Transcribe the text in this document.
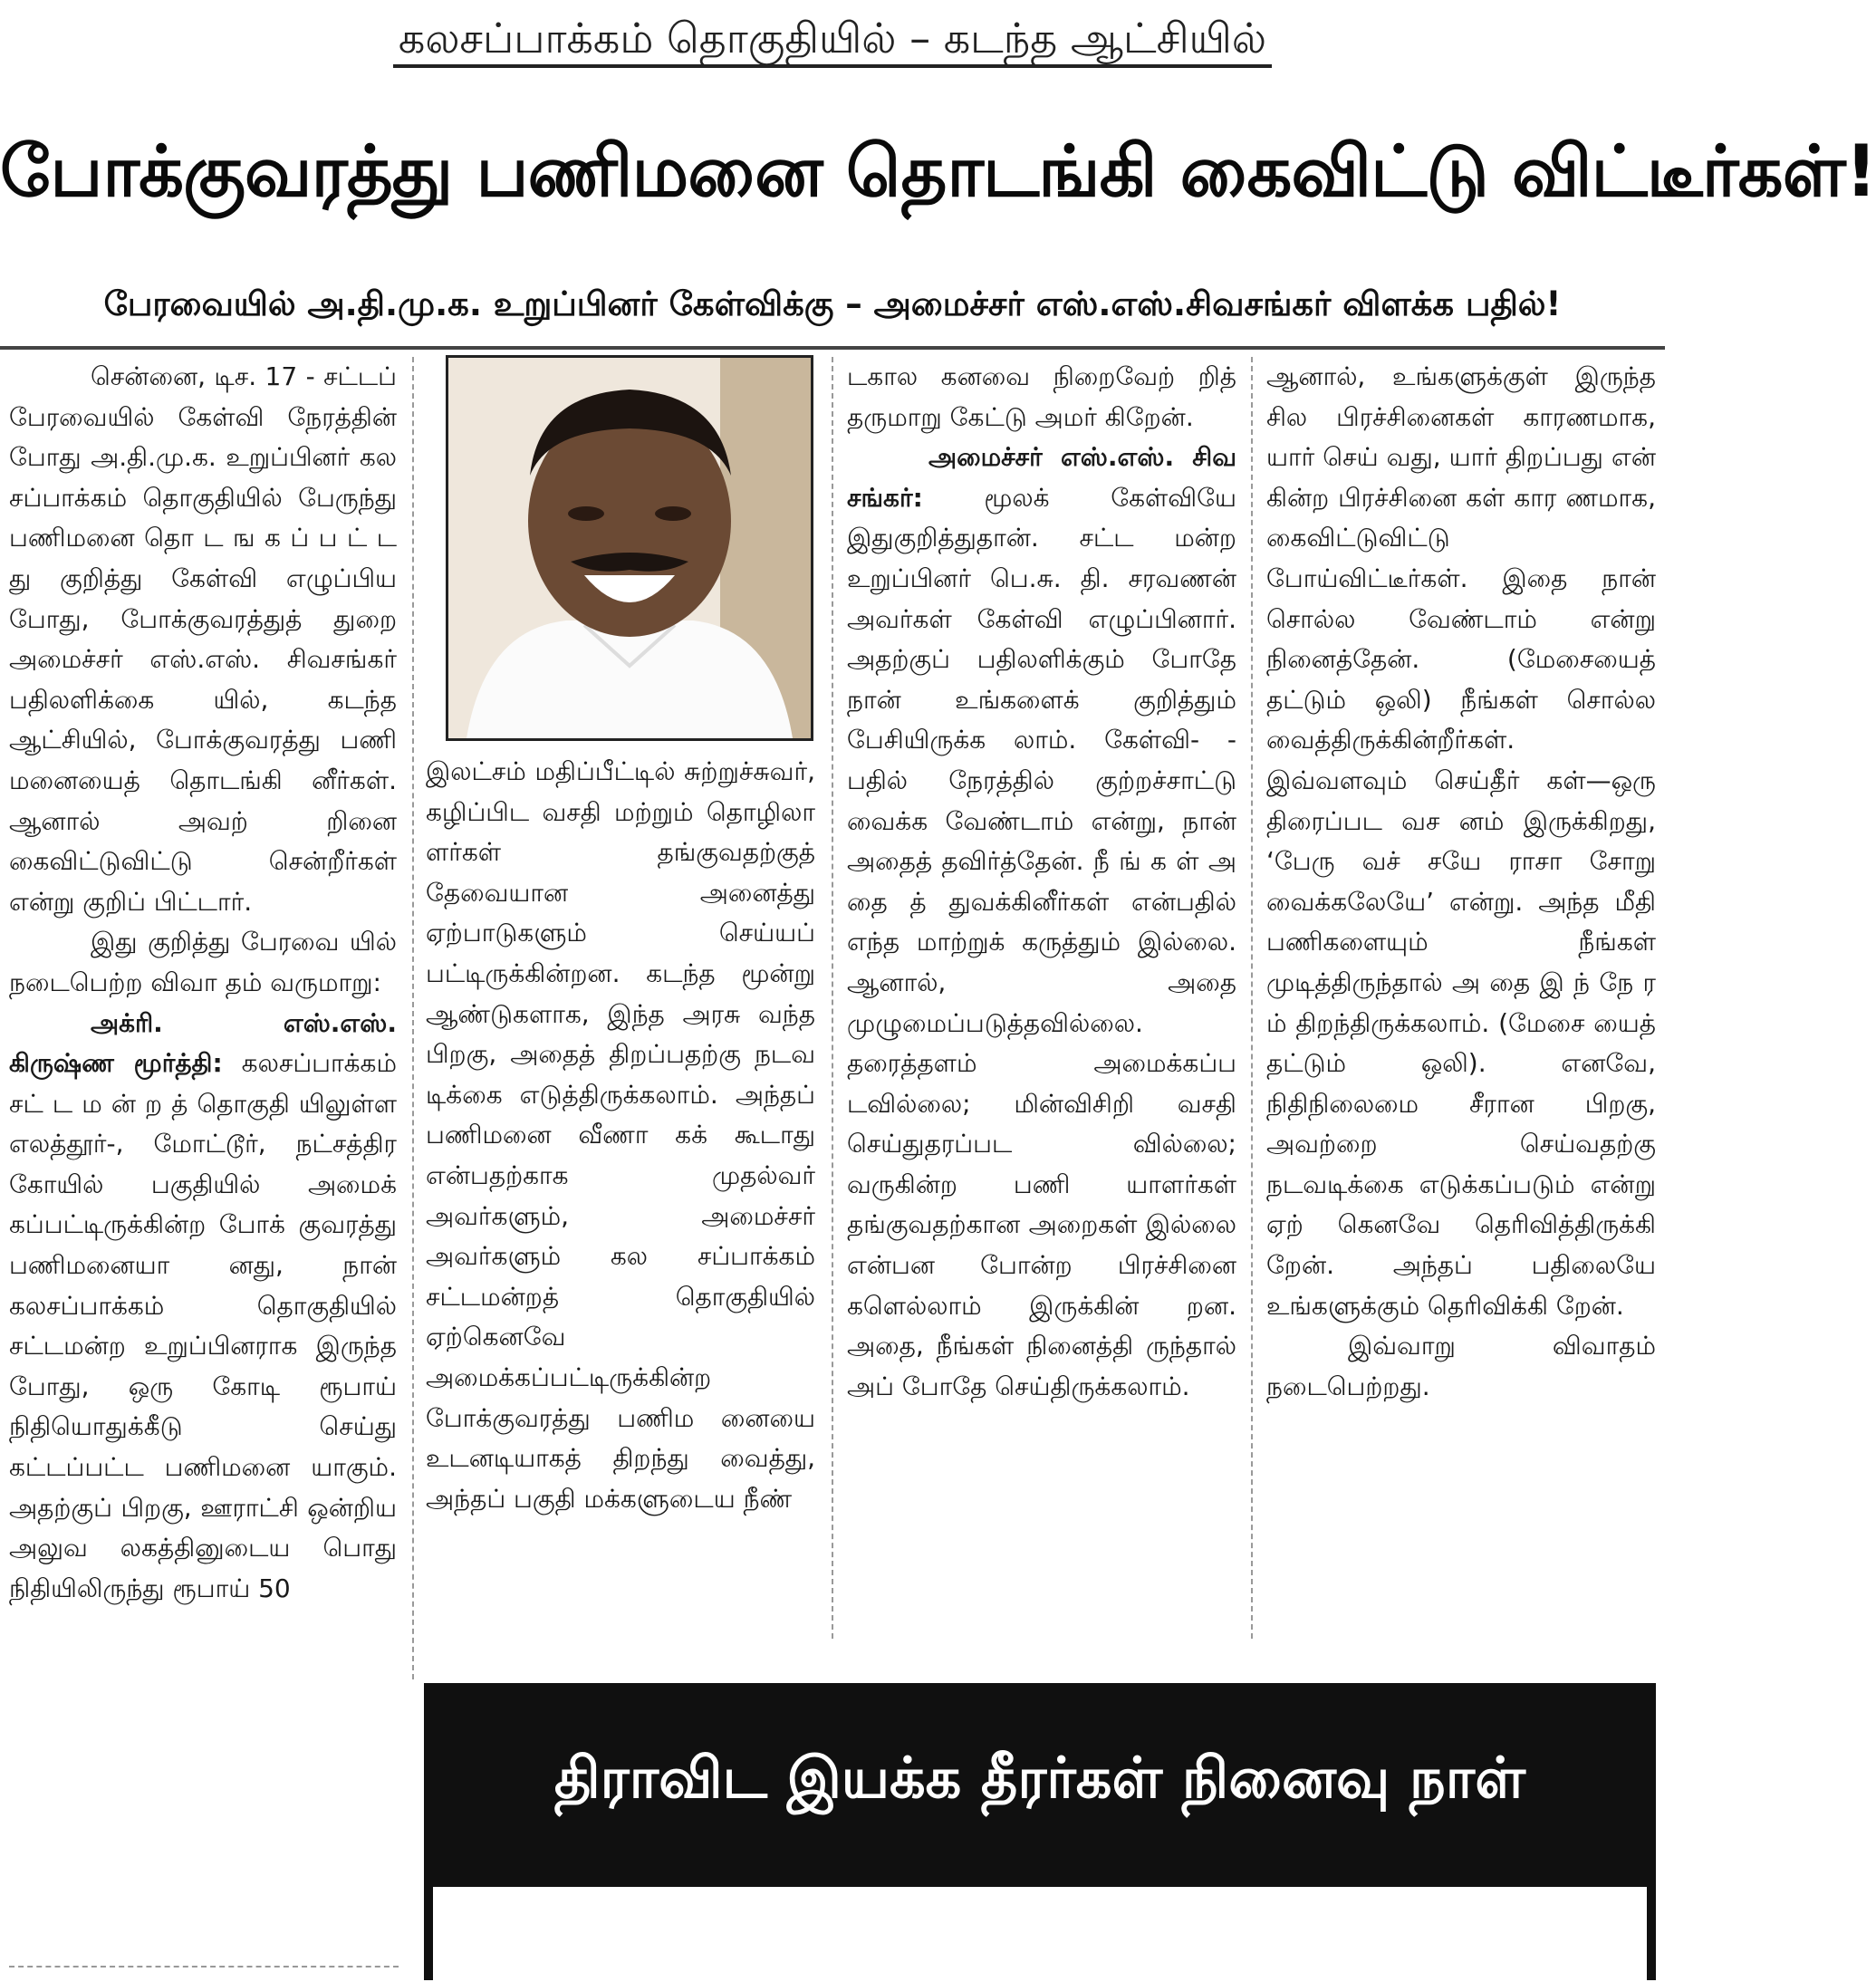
கலசப்பாக்கம் தொகுதியில் – கடந்த ஆட்சியில்
போக்குவரத்து பணிமனை தொடங்கி கைவிட்டு விட்டீர்கள்!
பேரவையில் அ.தி.மு.க. உறுப்பினர் கேள்விக்கு – அமைச்சர் எஸ்.எஸ்.சிவசங்கர் விளக்க பதில்!

சென்னை, டிச. 17 - சட்டப் பேரவையில் கேள்வி நேரத்தின் போது அ.தி.மு.க. உறுப்பினர் கல சப்பாக்கம் தொகுதியில் பேருந்து பணிமனை தொ ட ங க ப் ப ட் ட து குறித்து கேள்வி எழுப்பிய போது, போக்குவரத்துத் துறை அமைச்சர் எஸ்.எஸ். சிவசங்கர் பதிலளிக்கை யில், கடந்த ஆட்சியில், போக்குவரத்து பணி மனையைத் தொடங்கி னீர்கள். ஆனால் அவற் றினை கைவிட்டுவிட்டு சென்றீர்கள் என்று குறிப் பிட்டார்.

இது குறித்து பேரவை யில் நடைபெற்ற விவா தம் வருமாறு:

அக்ரி. எஸ்.எஸ். கிருஷ்ண மூர்த்தி: கலசப்பாக்கம் சட் ட ம ன் ற த் தொகுதி யிலுள்ள எலத்தூர்-, மோட்டூர், நட்சத்திர கோயில் பகுதியில் அமைக் கப்பட்டிருக்கின்ற போக் குவரத்து பணிமனையா னது, நான் கலசப்பாக்கம் தொகுதியில் சட்டமன்ற உறுப்பினராக இருந்த போது, ஒரு கோடி ரூபாய் நிதியொதுக்கீடு செய்து கட்டப்பட்ட பணிமனை யாகும். அதற்குப் பிறகு, ஊராட்சி ஒன்றிய அலுவ லகத்தினுடைய பொது நிதியிலிருந்து ரூபாய் 50

இலட்சம் மதிப்பீட்டில் சுற்றுச்சுவர், கழிப்பிட வசதி மற்றும் தொழிலா ளர்கள் தங்குவதற்குத் தேவையான அனைத்து ஏற்பாடுகளும் செய்யப் பட்டிருக்கின்றன. கடந்த மூன்று ஆண்டுகளாக, இந்த அரசு வந்த பிறகு, அதைத் திறப்பதற்கு நடவ டிக்கை எடுத்திருக்கலாம். அந்தப் பணிமனை வீணா கக் கூடாது என்பதற்காக முதல்வர் அவர்களும், அமைச்சர் அவர்களும் கல சப்பாக்கம் சட்டமன்றத் தொகுதியில் ஏற்கெனவே அமைக்கப்பட்டிருக்கின்ற போக்குவரத்து பணிம னையை உடனடியாகத் திறந்து வைத்து, அந்தப் பகுதி மக்களுடைய நீண்

டகால கனவை நிறைவேற் றித் தருமாறு கேட்டு அமர் கிறேன்.

அமைச்சர் எஸ்.எஸ். சிவ சங்கர்: மூலக் கேள்வியே இதுகுறித்துதான். சட்ட மன்ற உறுப்பினர் பெ.சு. தி. சரவணன் அவர்கள் கேள்வி எழுப்பினார். அதற்குப் பதிலளிக்கும் போதே நான் உங்களைக் குறித்தும் பேசியிருக்க லாம். கேள்வி- - பதில் நேரத்தில் குற்றச்சாட்டு வைக்க வேண்டாம் என்று, நான் அதைத் தவிர்த்தேன். நீ ங் க ள் அ தை த் துவக்கினீர்கள் என்பதில் எந்த மாற்றுக் கருத்தும் இல்லை. ஆனால், அதை முழுமைப்படுத்தவில்லை. தரைத்தளம் அமைக்கப்ப டவில்லை; மின்விசிறி வசதி செய்துதரப்பட வில்லை; வருகின்ற பணி யாளர்கள் தங்குவதற்கான அறைகள் இல்லை என்பன போன்ற பிரச்சினை களெல்லாம் இருக்கின் றன. அதை, நீங்கள் நினைத்தி ருந்தால் அப் போதே செய்திருக்கலாம்.

ஆனால், உங்களுக்குள் இருந்த சில பிரச்சினைகள் காரணமாக, யார் செய் வது, யார் திறப்பது என் கின்ற பிரச்சினை கள் கார ணமாக, கைவிட்டுவிட்டு போய்விட்டீர்கள். இதை நான் சொல்ல வேண்டாம் என்று நினைத்தேன். (மேசையைத் தட்டும் ஒலி) நீங்கள் சொல்ல வைத்திருக்கின்றீர்கள். இவ்வளவும் செய்தீர் கள்—ஒரு திரைப்பட வச னம் இருக்கிறது, ‘பேரு வச் சயே ராசா சோறு வைக்கலேயே’ என்று. அந்த மீதி பணிகளையும் நீங்கள் முடித்திருந்தால் அ தை இ ந் நே ர ம் திறந்திருக்கலாம். (மேசை யைத் தட்டும் ஒலி). எனவே, நிதிநிலைமை சீரான பிறகு, அவற்றை செய்வதற்கு நடவடிக்கை எடுக்கப்படும் என்று ஏற் கெனவே தெரிவித்திருக்கி றேன். அந்தப் பதிலையே உங்களுக்கும் தெரிவிக்கி றேன்.

இவ்வாறு விவாதம் நடைபெற்றது.

திராவிட இயக்க தீரர்கள் நினைவு நாள்
